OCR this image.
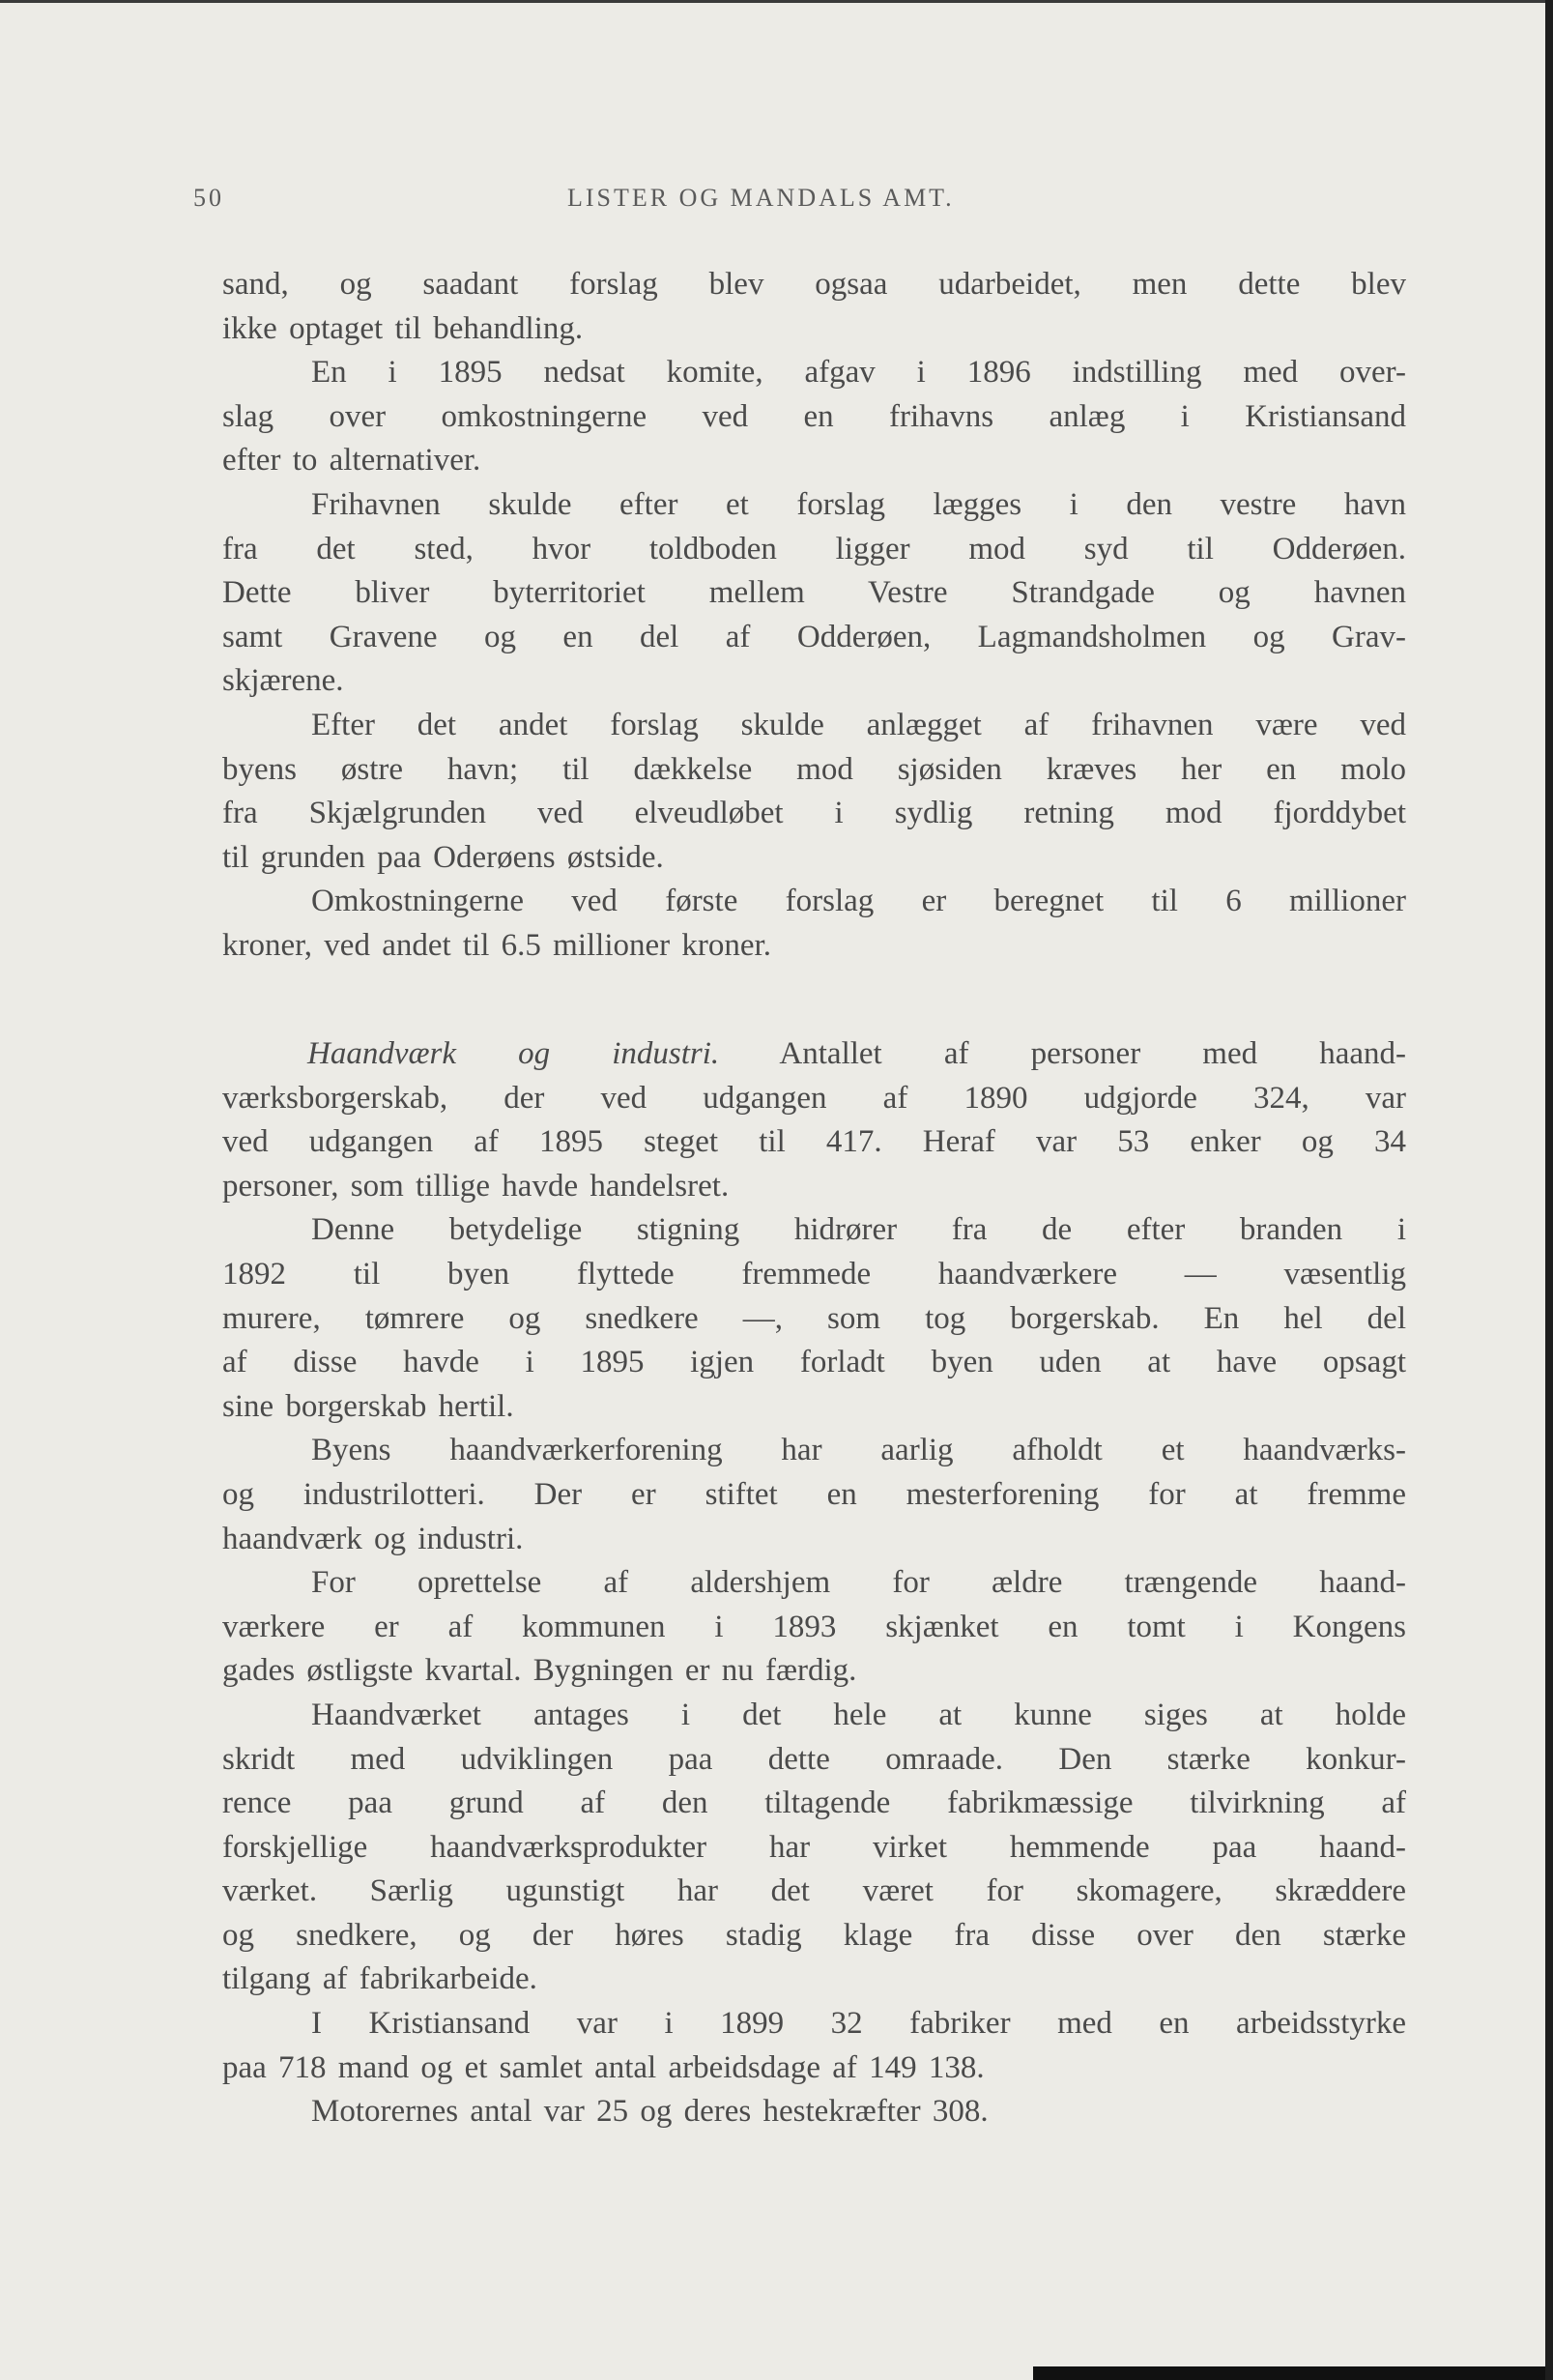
50	LISTER OG MANDALS AMT.
sand, og saadant forslag blev ogsaa udarbeidet, men dette blev
ikke optaget til behandling.
En i 1895 nedsat komite, afgav i 1896 indstilling med over-
slag over omkostningerne ved en frihavns anlæg i Kristiansand
efter to alternativer.
Frihavnen skulde efter et forslag lægges i den vestre havn
fra det sted, hvor toldboden ligger mod syd til Odderøen.
Dette bliver byterritoriet mellem Vestre Strandgade og havnen
samt Gravene og en del af Odderøen, Lagmandsholmen og Grav-
skjærene.
Efter det andet forslag skulde anlægget af frihavnen være ved
byens østre havn; til dækkelse mod sjøsiden kræves her en molo
fra Skjælgrunden ved elveudløbet i sydlig retning mod fjorddybet
til grunden paa Oderøens østside.
Omkostningerne ved første forslag er beregnet til 6 millioner
kroner, ved andet til 6.5 millioner kroner.
Haandværk og industri. Antallet af personer med haand-
værksborgerskab, der ved udgangen af 1890 udgjorde 324, var
ved udgangen af 1895 steget til 417. Heraf var 53 enker og 34
personer, som tillige havde handelsret.
Denne betydelige stigning hidrører fra de efter branden i
1892 til byen flyttede fremmede haandværkere — væsentlig
murere, tømrere og snedkere —, som tog borgerskab. En hel del
af disse havde i 1895 igjen forladt byen uden at have opsagt
sine borgerskab hertil.
Byens haandværkerforening har aarlig afholdt et haandværks-
og industrilotteri. Der er stiftet en mesterforening for at fremme
haandværk og industri.
For oprettelse af aldershjem for ældre trængende haand-
værkere er af kommunen i 1893 skjænket en tomt i Kongens
gades østligste kvartal. Bygningen er nu færdig.
Haandværket antages i det hele at kunne siges at holde
skridt med udviklingen paa dette omraade. Den stærke konkur-
rence paa grund af den tiltagende fabrikmæssige tilvirkning af
forskjellige haandværksprodukter har virket hemmende paa haand-
værket. Særlig ugunstigt har det været for skomagere, skræddere
og snedkere, og der høres stadig klage fra disse over den stærke
tilgang af fabrikarbeide.
I Kristiansand var i 1899 32 fabriker med en arbeidsstyrke
paa 718 mand og et samlet antal arbeidsdage af 149 138.
Motorernes antal var 25 og deres hestekræfter 308.
